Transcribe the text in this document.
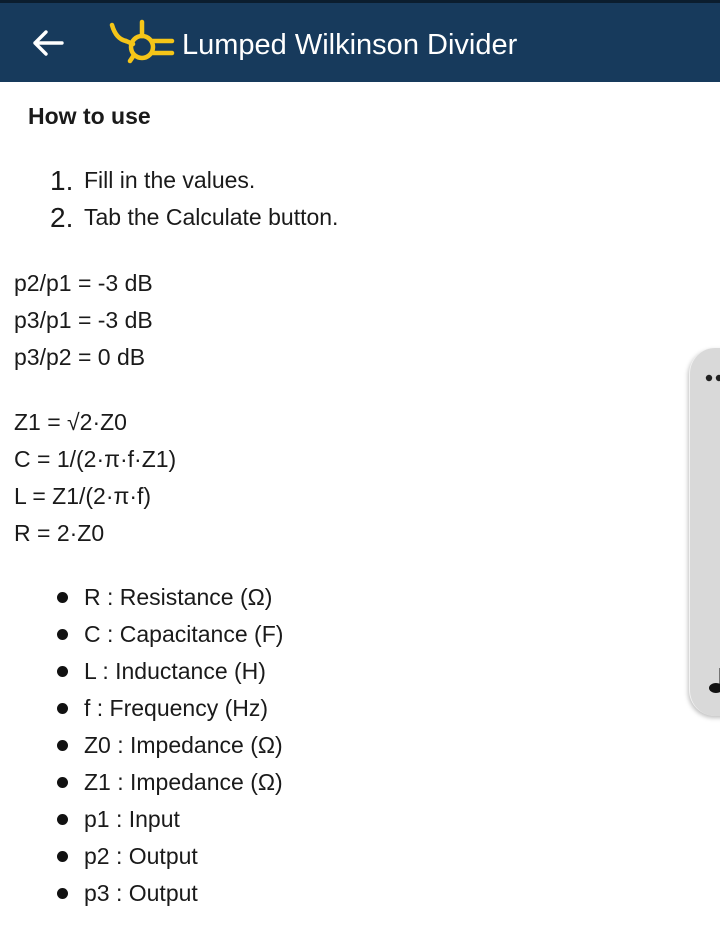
Lumped Wilkinson Divider
How to use
1. Fill in the values.
2. Tab the Calculate button.
p2/p1 = -3 dB
p3/p1 = -3 dB
p3/p2 = 0 dB
Z1 = √2·Z0
C = 1/(2·π·f·Z1)
L = Z1/(2·π·f)
R = 2·Z0
R : Resistance (Ω)
C : Capacitance (F)
L : Inductance (H)
f : Frequency (Hz)
Z0 : Impedance (Ω)
Z1 : Impedance (Ω)
p1 : Input
p2 : Output
p3 : Output
